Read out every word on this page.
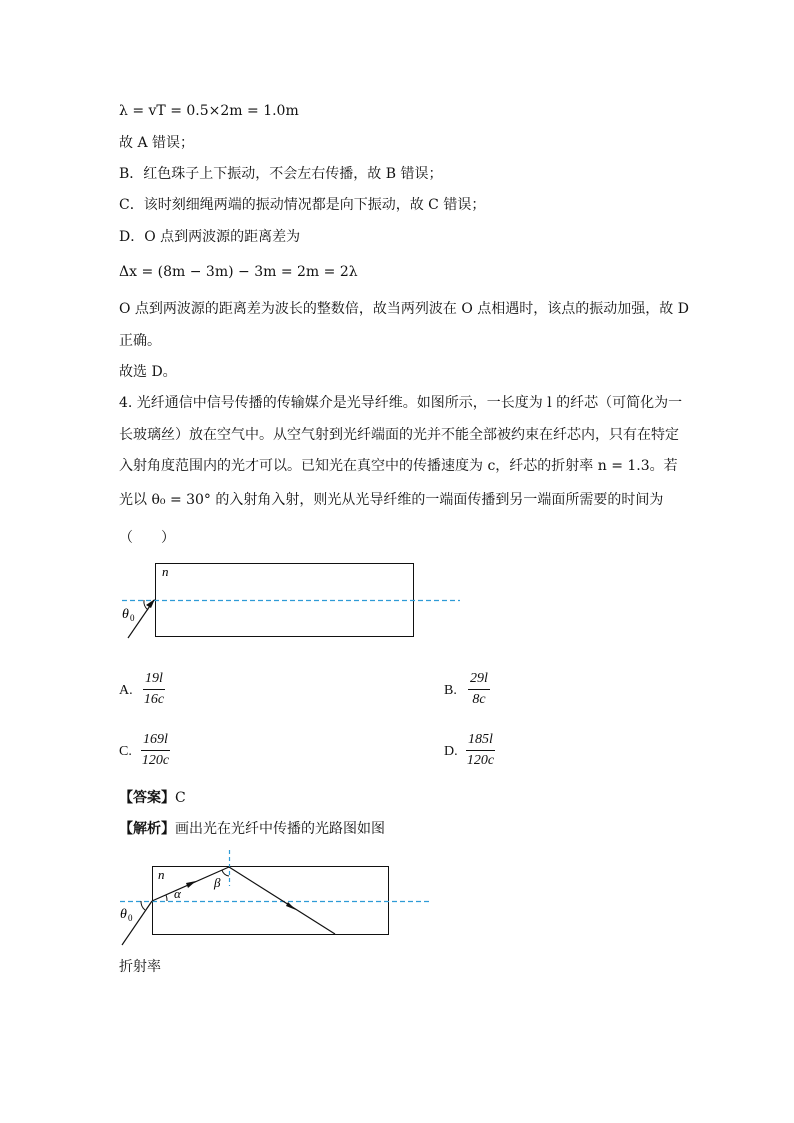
λ = vT = 0.5×2m = 1.0m
故 A 错误；
B．红色珠子上下振动，不会左右传播，故 B 错误；
C．该时刻细绳两端的振动情况都是向下振动，故 C 错误；
D．O 点到两波源的距离差为
Δx = (8m − 3m) − 3m = 2m = 2λ
O 点到两波源的距离差为波长的整数倍，故当两列波在 O 点相遇时，该点的振动加强，故 D
正确。
故选 D。
4. 光纤通信中信号传播的传输媒介是光导纤维。如图所示，一长度为 l 的纤芯（可简化为一
长玻璃丝）放在空气中。从空气射到光纤端面的光并不能全部被约束在纤芯内，只有在特定
入射角度范围内的光才可以。已知光在真空中的传播速度为 c，纤芯的折射率 n = 1.3。若
光以 θ₀ = 30° 的入射角入射，则光从光导纤维的一端面传播到另一端面所需要的时间为
（　　）
n
θ 0
A. $\frac{19l}{16c}$	B. $\frac{29l}{8c}$
C. $\frac{169l}{120c}$	D. $\frac{185l}{120c}$
【答案】C
【解析】画出光在光纤中传播的光路图如图
n
α
β
θ 0
折射率
